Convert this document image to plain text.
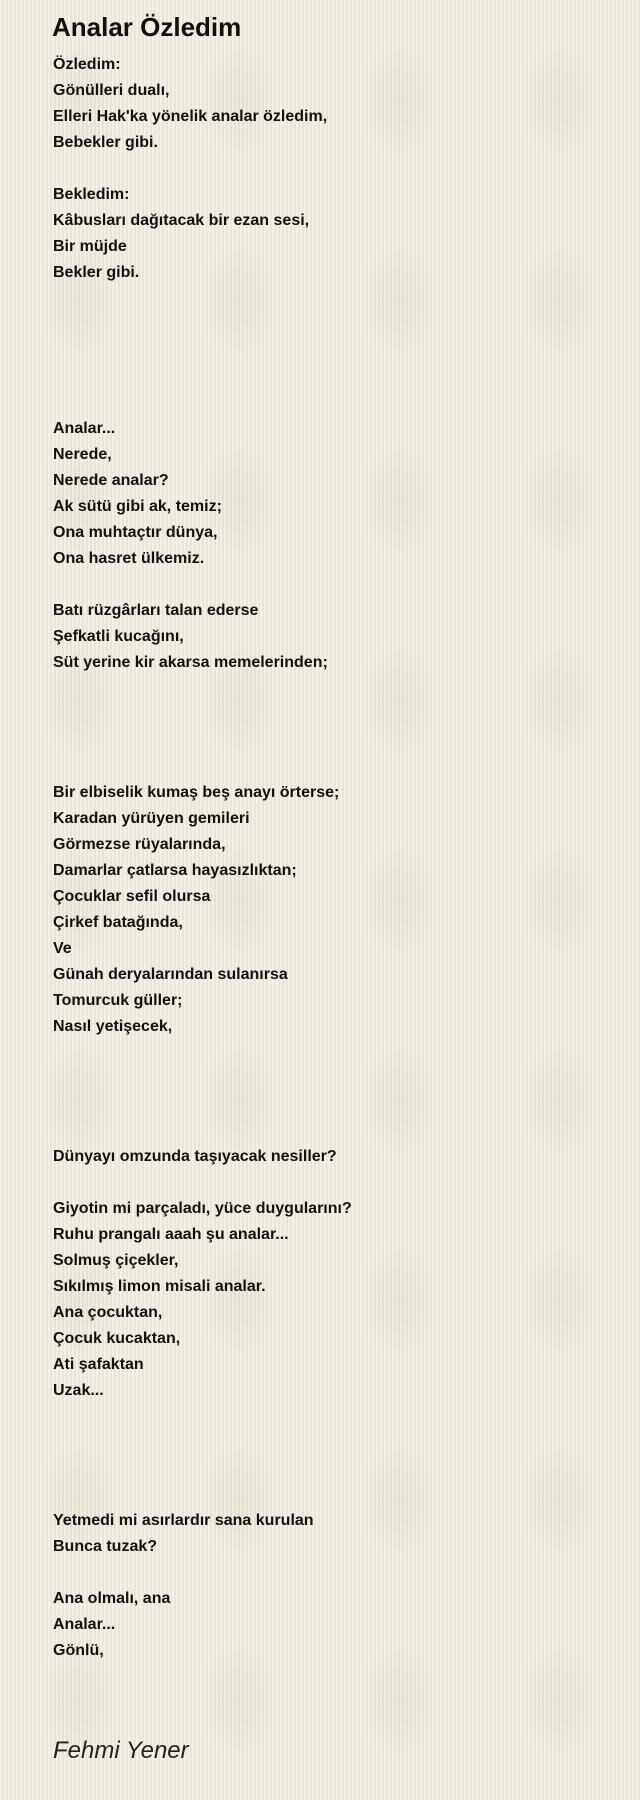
Analar Özledim
Özledim:
Gönülleri dualı,
Elleri Hak'ka yönelik analar özledim,
Bebekler gibi.
Bekledim:
Kâbusları dağıtacak bir ezan sesi,
Bir müjde
Bekler gibi.
Analar...
Nerede,
Nerede analar?
Ak sütü gibi ak, temiz;
Ona muhtaçtır dünya,
Ona hasret ülkemiz.
Batı rüzgârları talan ederse
Şefkatli kucağını,
Süt yerine kir akarsa memelerinden;
Bir elbiselik kumaş beş anayı örterse;
Karadan yürüyen gemileri
Görmezse rüyalarında,
Damarlar çatlarsa hayasızlıktan;
Çocuklar sefil olursa
Çirkef batağında,
Ve
Günah deryalarından sulanırsa
Tomurcuk güller;
Nasıl yetişecek,
Dünyayı omzunda taşıyacak nesiller?
Giyotin mi parçaladı, yüce duygularını?
Ruhu prangalı aaah şu analar...
Solmuş çiçekler,
Sıkılmış limon misali analar.
Ana çocuktan,
Çocuk kucaktan,
Ati şafaktan
Uzak...
Yetmedi mi asırlardır sana kurulan
Bunca tuzak?
Ana olmalı, ana
Analar...
Gönlü,
Fehmi Yener
